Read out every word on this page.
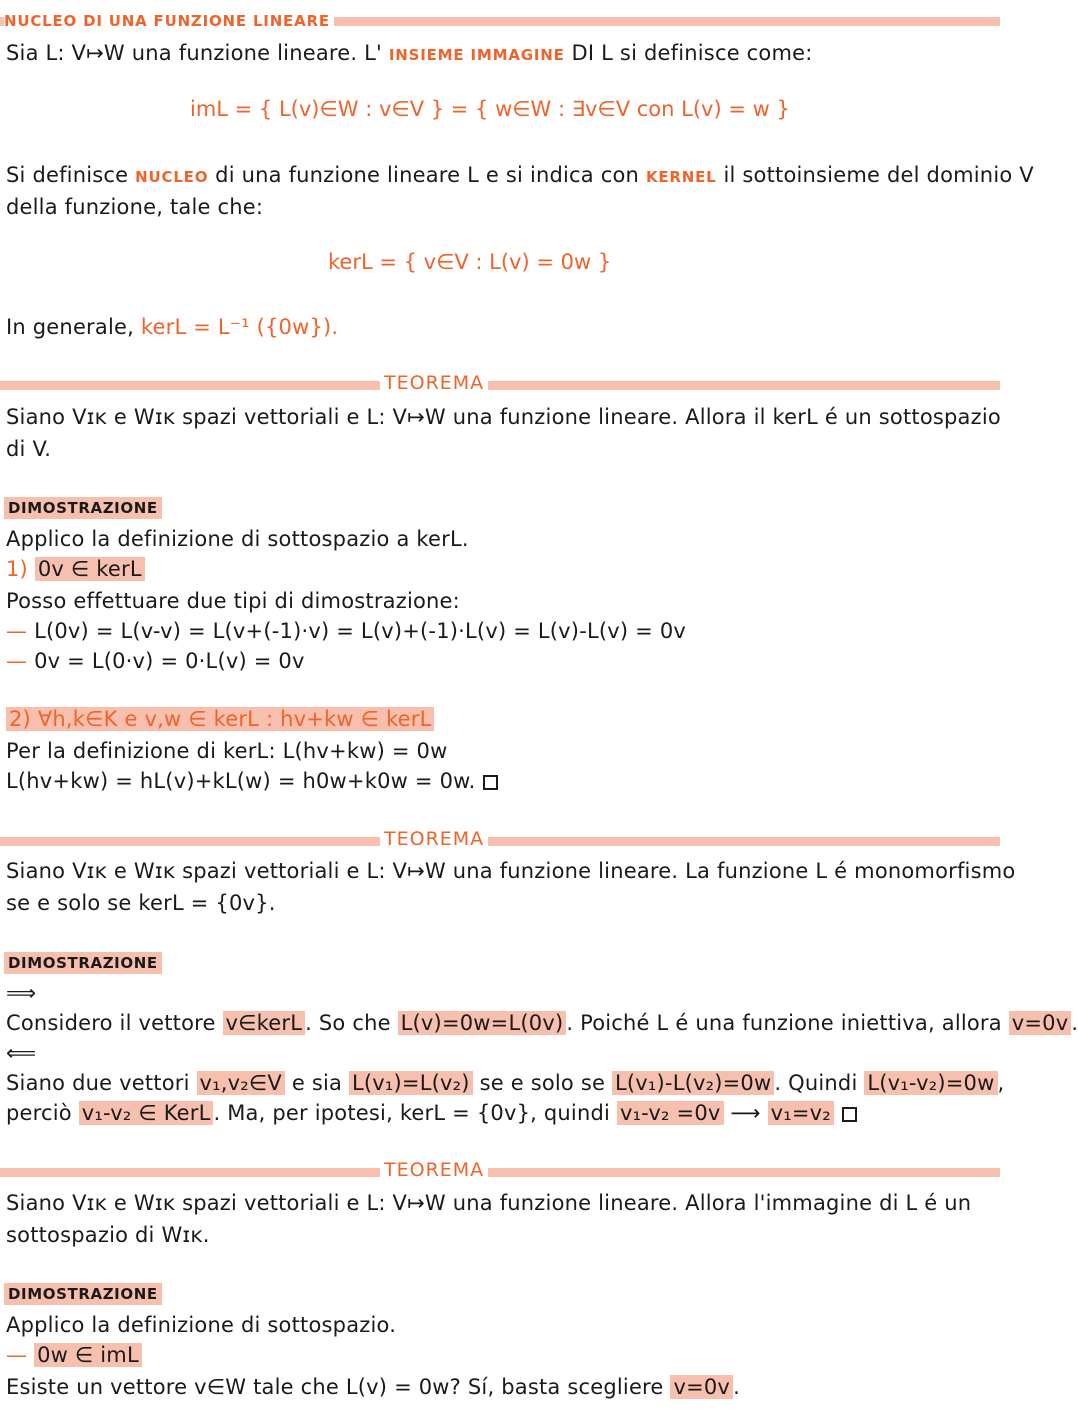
NUCLEO DI UNA FUNZIONE LINEARE
Sia L: V↦W una funzione lineare. L' INSIEME IMMAGINE DI L si definisce come:
imL = { L(v)∈W : v∈V } = { w∈W : ∃v∈V con L(v) = w }
Si definisce NUCLEO di una funzione lineare L e si indica con KERNEL il sottoinsieme del dominio V
della funzione, tale che:
kerL = { v∈V : L(v) = 0w }
In generale, kerL = L⁻¹ ({0w}).
TEOREMA
Siano Vɪᴋ e Wɪᴋ spazi vettoriali e L: V↦W una funzione lineare. Allora il kerL é un sottospazio
di V.
DIMOSTRAZIONE
Applico la definizione di sottospazio a kerL.
1) 0v ∈ kerL
Posso effettuare due tipi di dimostrazione:
— L(0v) = L(v-v) = L(v+(-1)·v) = L(v)+(-1)·L(v) = L(v)-L(v) = 0v
— 0v = L(0·v) = 0·L(v) = 0v
2) ∀h,k∈K e v,w ∈ kerL : hv+kw ∈ kerL
Per la definizione di kerL: L(hv+kw) = 0w
L(hv+kw) = hL(v)+kL(w) = h0w+k0w = 0w.
TEOREMA
Siano Vɪᴋ e Wɪᴋ spazi vettoriali e L: V↦W una funzione lineare. La funzione L é monomorfismo
se e solo se kerL = {0v}.
DIMOSTRAZIONE
⟹
Considero il vettore v∈kerL . So che L(v)=0w=L(0v) . Poiché L é una funzione iniettiva, allora v=0v .
⟸
Siano due vettori v₁,v₂∈V e sia L(v₁)=L(v₂) se e solo se L(v₁)-L(v₂)=0w . Quindi L(v₁-v₂)=0w ,
perciò v₁-v₂ ∈ KerL . Ma, per ipotesi, kerL = {0v}, quindi v₁-v₂ =0v ⟶ v₁=v₂
TEOREMA
Siano Vɪᴋ e Wɪᴋ spazi vettoriali e L: V↦W una funzione lineare. Allora l'immagine di L é un
sottospazio di Wɪᴋ.
DIMOSTRAZIONE
Applico la definizione di sottospazio.
— 0w ∈ imL
Esiste un vettore v∈W tale che L(v) = 0w? Sí, basta scegliere v=0v .
